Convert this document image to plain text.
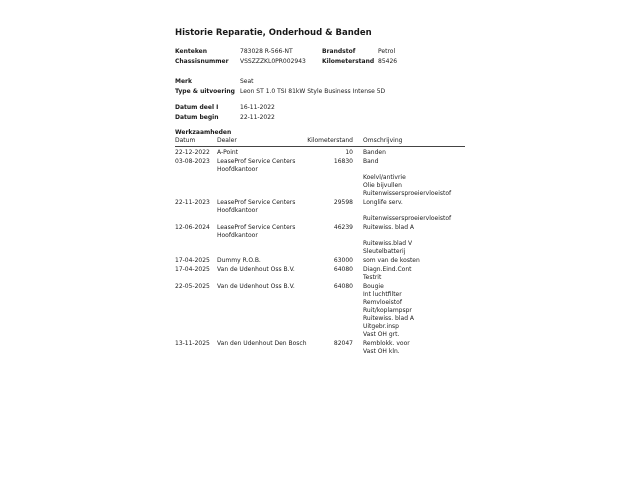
Historie Reparatie, Onderhoud & Banden
Kenteken	783028 R-566-NT	Brandstof	Petrol
Chassisnummer	VSSZZZKL0PR002943	Kilometerstand 85426
Merk	Seat
Type & uitvoering Leon ST 1.0 TSI 81kW Style Business Intense 5D
Datum deel I	16-11-2022
Datum begin	22-11-2022
Werkzaamheden
Datum	Dealer	Kilometerstand	Omschrijving
22-12-2022	A-Point	10 Banden
03-08-2023	LeaseProf Service Centers
Hoofdkantoor
16830 Band

Koelvl/antivrie
Olie bijvullen
Ruitenwissersproeiervloeistof
22-11-2023	LeaseProf Service Centers
Hoofdkantoor
29598 Longlife serv.

Ruitenwissersproeiervloeistof
12-06-2024	LeaseProf Service Centers
Hoofdkantoor
46239 Ruitewiss. blad A

Ruitewiss.blad V
Sleutelbatterij
17-04-2025	Dummy R.O.B.	63000 som van de kosten
17-04-2025	Van de Udenhout Oss B.V.	64080 Diagn.Eind.Cont
Testrit
22-05-2025	Van de Udenhout Oss B.V.	64080 Bougie
Int luchtfilter
Remvloeistof
Ruit/koplampspr
Ruitewiss. blad A
Uitgebr.insp
Vast OH grt.
13-11-2025	Van den Udenhout Den Bosch	82047 Remblokk. voor
Vast OH kln.
